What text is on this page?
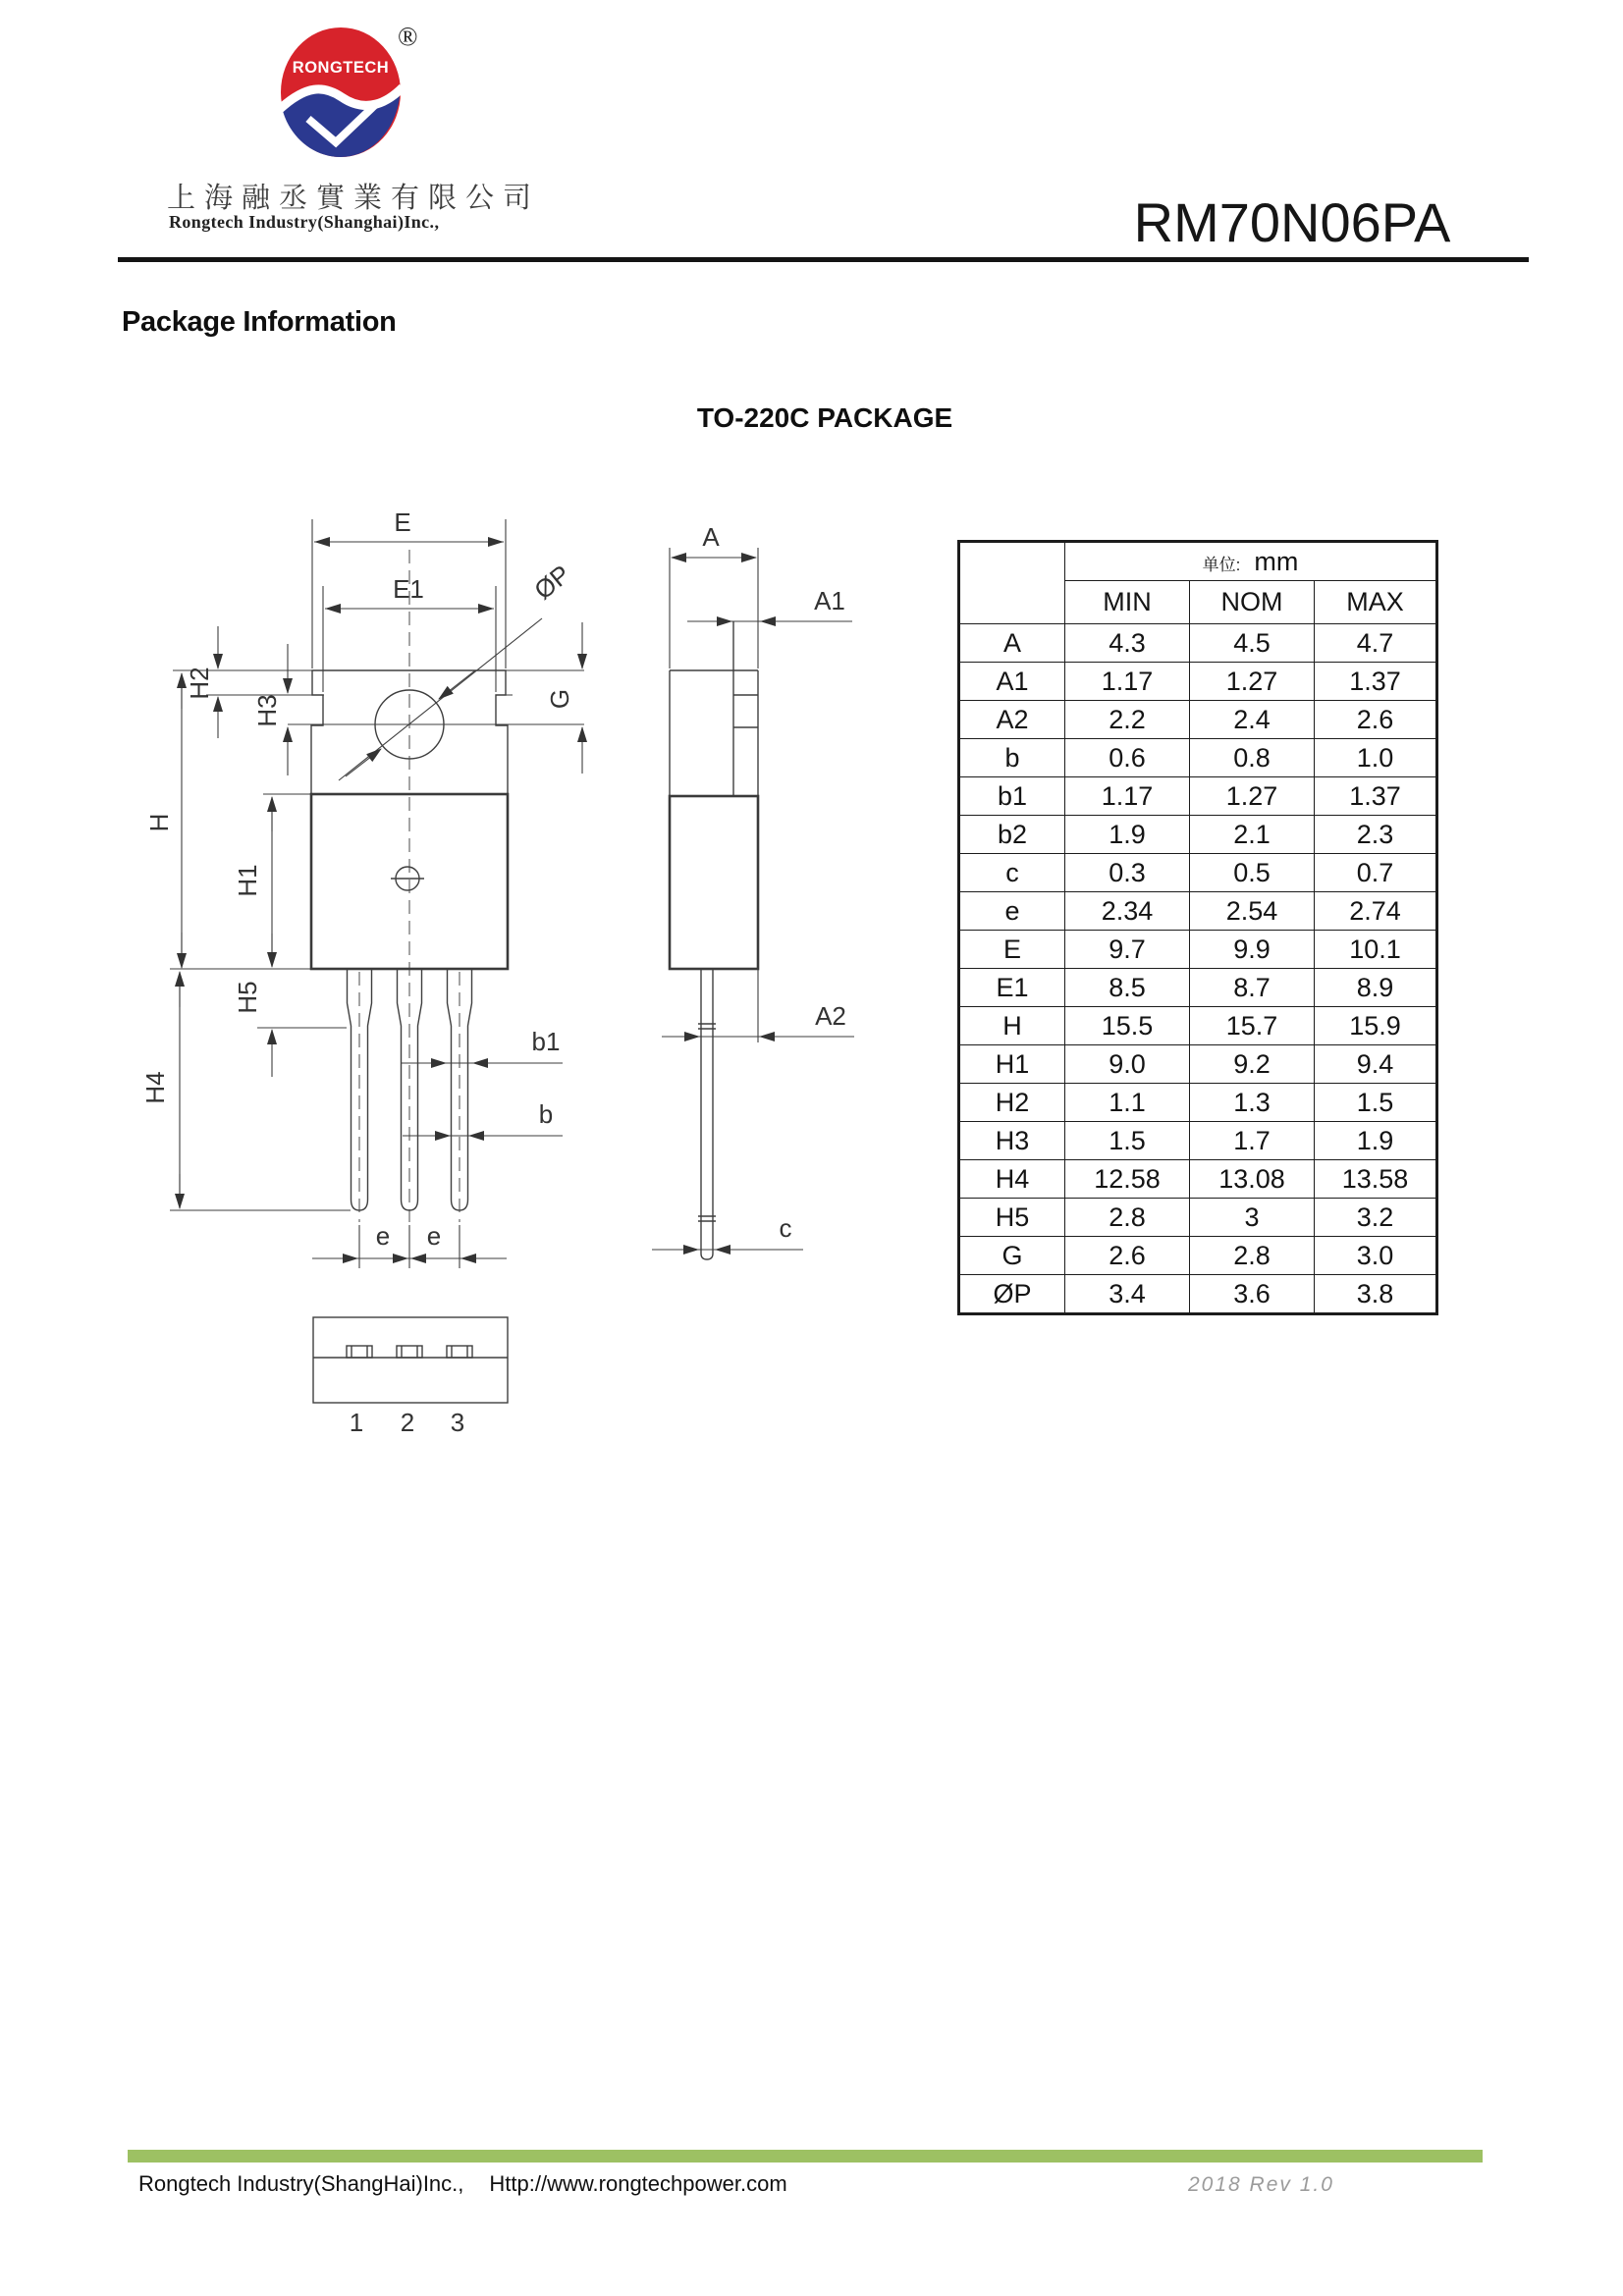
RONGTECH
®
上海融丞實業有限公司
Rongtech Industry(Shanghai)Inc.,	RM70N06PA
Package Information
TO-220C PACKAGE
E
E1	ØP
H2
H3	G
H
H1
H5
H4
b1
b
e e
1 2 3
A
A1
A2
c
	单位: mm		
	MIN	NOM	MAX
A	4.3	4.5	4.7
A1	1.17	1.27	1.37
A2	2.2	2.4	2.6
b	0.6	0.8	1.0
b1	1.17	1.27	1.37
b2	1.9	2.1	2.3
c	0.3	0.5	0.7
e	2.34	2.54	2.74
E	9.7	9.9	10.1
E1	8.5	8.7	8.9
H	15.5	15.7	15.9
H1	9.0	9.2	9.4
H2	1.1	1.3	1.5
H3	1.5	1.7	1.9
H4	12.58	13.08	13.58
H5	2.8	3	3.2
G	2.6	2.8	3.0
ØP	3.4	3.6	3.8
Rongtech Industry(ShangHai)Inc., Http://www.rongtechpower.com	2018 Rev 1.0
